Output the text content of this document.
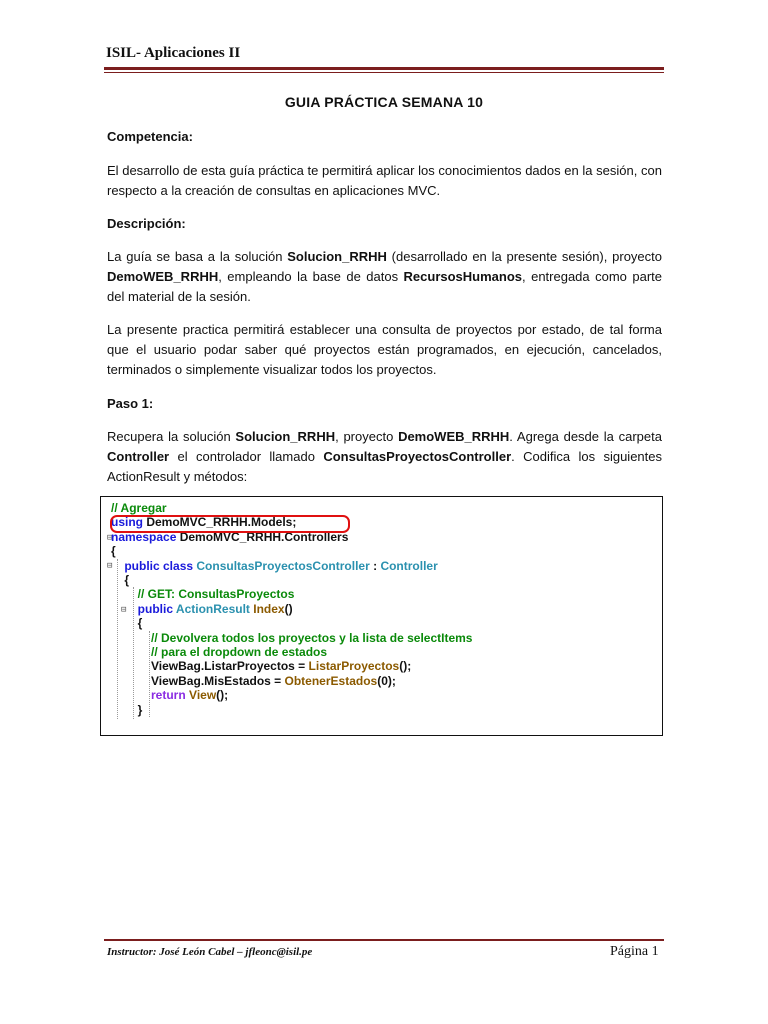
ISIL- Aplicaciones II
GUIA PRÁCTICA SEMANA 10
Competencia:
El desarrollo de esta guía práctica te permitirá aplicar los conocimientos dados en la sesión, con respecto a la creación de consultas en aplicaciones MVC.
Descripción:
La guía se basa a la solución Solucion_RRHH (desarrollado en la presente sesión), proyecto DemoWEB_RRHH, empleando la base de datos RecursosHumanos, entregada como parte del material de la sesión.
La presente practica permitirá establecer una consulta de proyectos por estado, de tal forma que el usuario podar saber qué proyectos están programados, en ejecución, cancelados, terminados o simplemente visualizar todos los proyectos.
Paso 1:
Recupera la solución Solucion_RRHH, proyecto DemoWEB_RRHH. Agrega desde la carpeta Controller el controlador llamado ConsultasProyectosController. Codifica los siguientes ActionResult y métodos:
⊟
⊟
⊟
// Agregar
using DemoMVC_RRHH.Models;
namespace DemoMVC_RRHH.Controllers
{
public class ConsultasProyectosController : Controller
{
// GET: ConsultasProyectos
public ActionResult Index()
{
// Devolvera todos los proyectos y la lista de selectItems
// para el dropdown de estados
ViewBag.ListarProyectos = ListarProyectos();
ViewBag.MisEstados = ObtenerEstados(0);
return View();
}
Instructor: José León Cabel – jfleonc@isil.pe	Página 1
